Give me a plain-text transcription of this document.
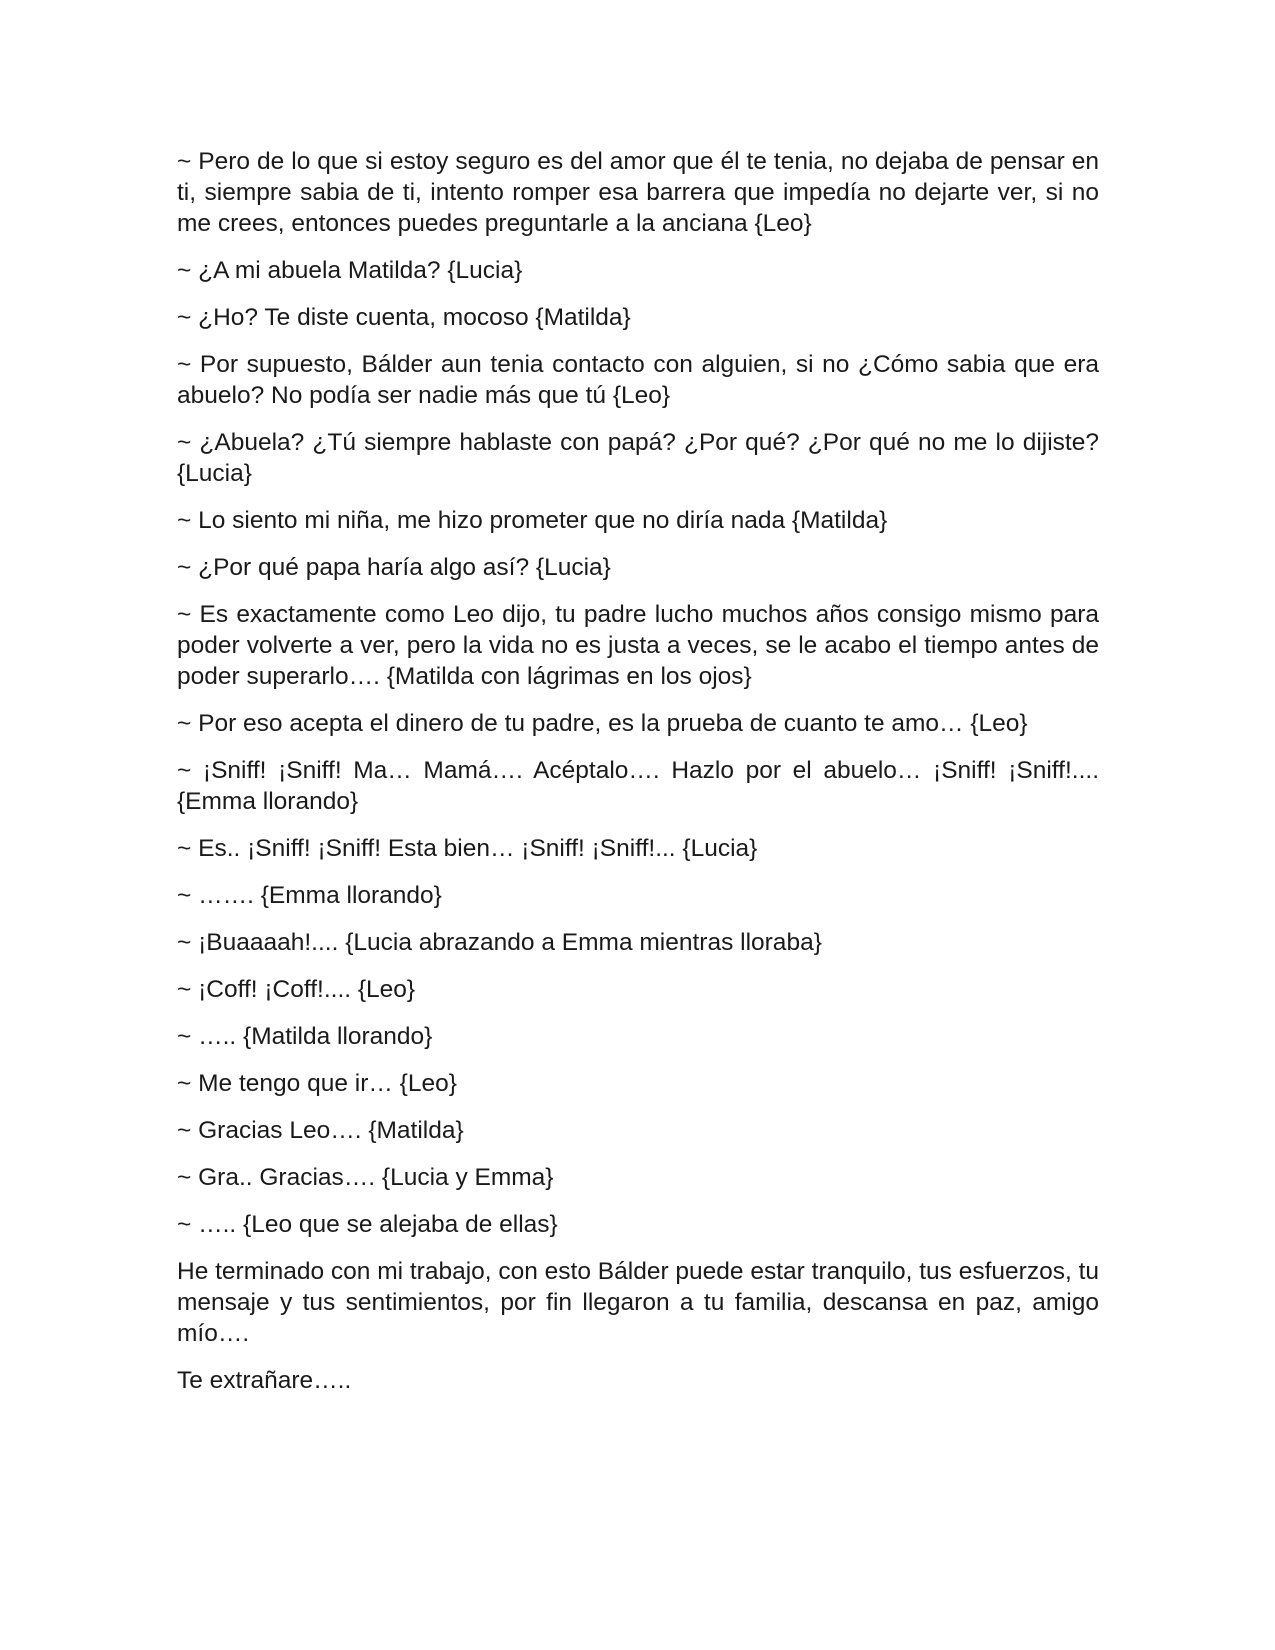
~ Pero de lo que si estoy seguro es del amor que él te tenia, no dejaba de pensar en ti, siempre sabia de ti, intento romper esa barrera que impedía no dejarte ver, si no me crees, entonces puedes preguntarle a la anciana {Leo}

~ ¿A mi abuela Matilda? {Lucia}

~ ¿Ho? Te diste cuenta, mocoso {Matilda}

~ Por supuesto, Bálder aun tenia contacto con alguien, si no ¿Cómo sabia que era abuelo? No podía ser nadie más que tú {Leo}

~ ¿Abuela? ¿Tú siempre hablaste con papá? ¿Por qué? ¿Por qué no me lo dijiste? {Lucia}

~ Lo siento mi niña, me hizo prometer que no diría nada {Matilda}

~ ¿Por qué papa haría algo así? {Lucia}

~ Es exactamente como Leo dijo, tu padre lucho muchos años consigo mismo para poder volverte a ver, pero la vida no es justa a veces, se le acabo el tiempo antes de poder superarlo…. {Matilda con lágrimas en los ojos}

~ Por eso acepta el dinero de tu padre, es la prueba de cuanto te amo… {Leo}

~ ¡Sniff! ¡Sniff! Ma… Mamá…. Acéptalo…. Hazlo por el abuelo… ¡Sniff! ¡Sniff!.... {Emma llorando}

~ Es.. ¡Sniff! ¡Sniff! Esta bien… ¡Sniff! ¡Sniff!... {Lucia}

~ ……. {Emma llorando}

~ ¡Buaaaah!.... {Lucia abrazando a Emma mientras lloraba}

~ ¡Coff! ¡Coff!.... {Leo}

~ ….. {Matilda llorando}

~ Me tengo que ir… {Leo}

~ Gracias Leo…. {Matilda}

~ Gra.. Gracias…. {Lucia y Emma}

~ ….. {Leo que se alejaba de ellas}

He terminado con mi trabajo, con esto Bálder puede estar tranquilo, tus esfuerzos, tu mensaje y tus sentimientos, por fin llegaron a tu familia, descansa en paz, amigo mío….

Te extrañare…..
